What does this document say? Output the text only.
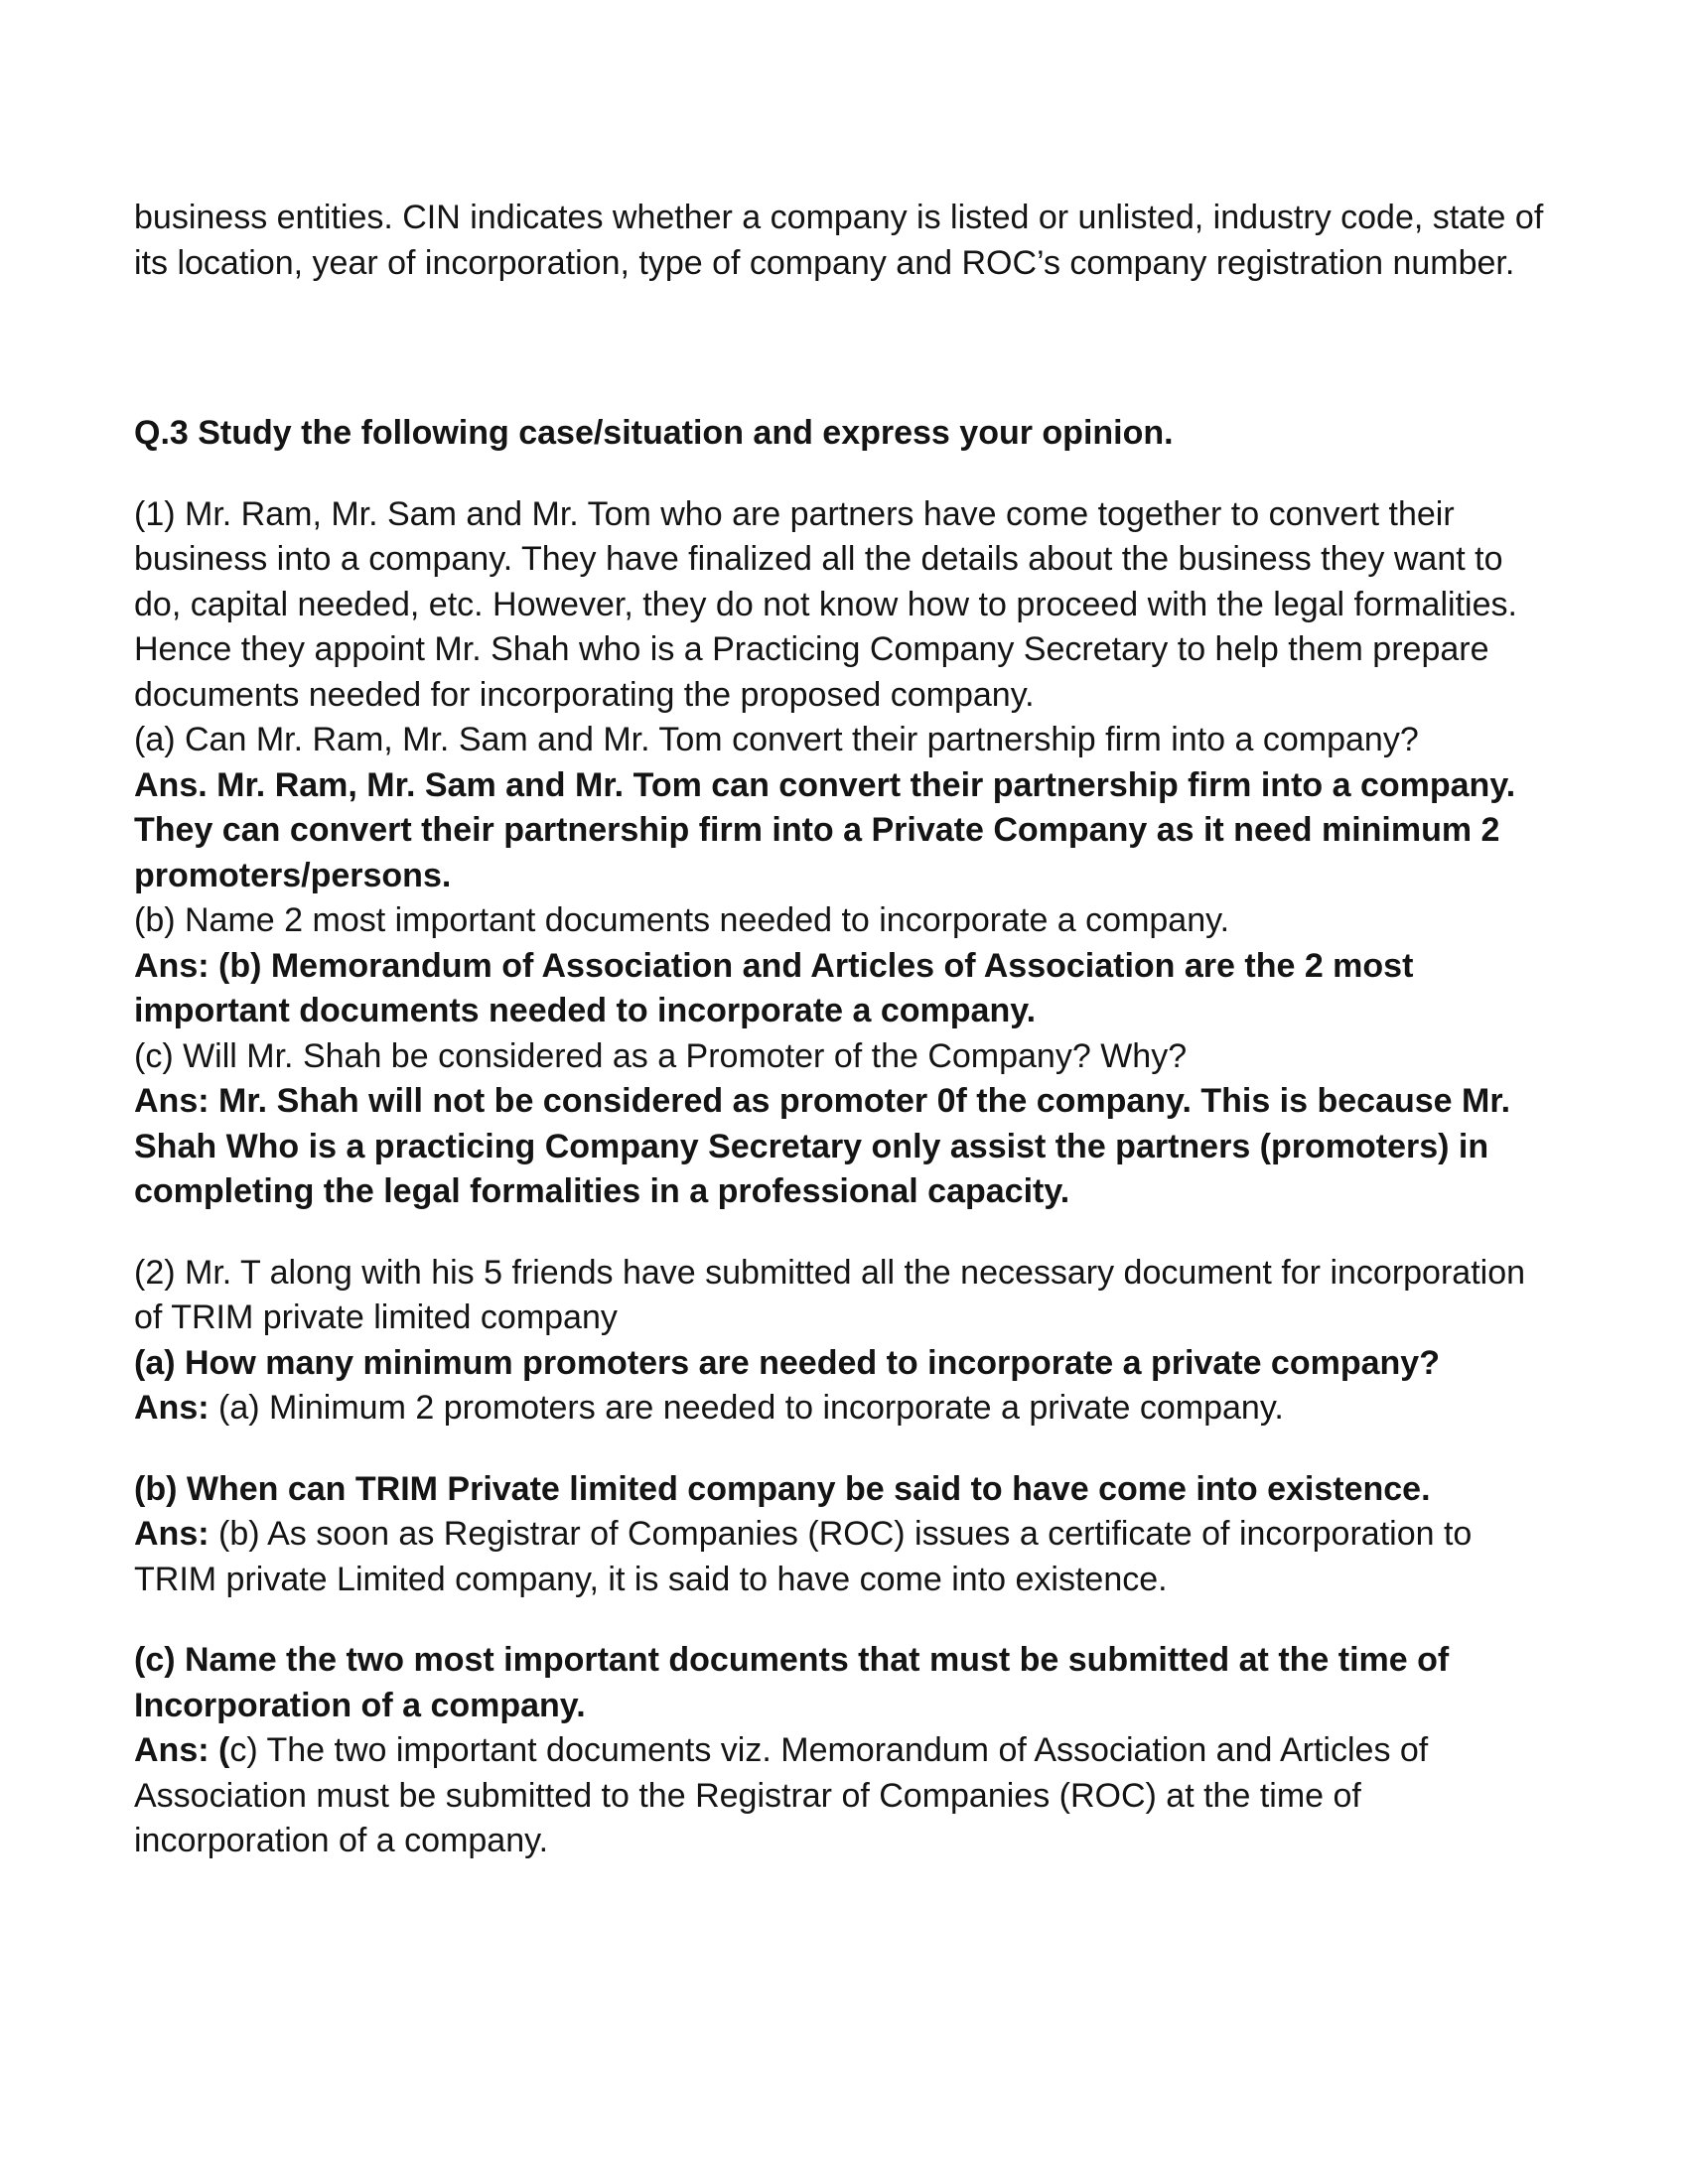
business entities. CIN indicates whether a company is listed or unlisted, industry code, state of its location, year of incorporation, type of company and ROC’s company registration number.

Q.3 Study the following case/situation and express your opinion.

(1) Mr. Ram, Mr. Sam and Mr. Tom who are partners have come together to convert their business into a company. They have finalized all the details about the business they want to do, capital needed, etc. However, they do not know how to proceed with the legal formalities. Hence they appoint Mr. Shah who is a Practicing Company Secretary to help them prepare documents needed for incorporating the proposed company.

(a) Can Mr. Ram, Mr. Sam and Mr. Tom convert their partnership firm into a company?

Ans. Mr. Ram, Mr. Sam and Mr. Tom can convert their partnership firm into a company. They can convert their partnership firm into a Private Company as it need minimum 2 promoters/persons.

(b) Name 2 most important documents needed to incorporate a company.

Ans: (b) Memorandum of Association and Articles of Association are the 2 most important documents needed to incorporate a company.

(c) Will Mr. Shah be considered as a Promoter of the Company? Why?

Ans: Mr. Shah will not be considered as promoter 0f the company. This is because Mr. Shah Who is a practicing Company Secretary only assist the partners (promoters) in completing the legal formalities in a professional capacity.

(2) Mr. T along with his 5 friends have submitted all the necessary document for incorporation of TRIM private limited company

(a) How many minimum promoters are needed to incorporate a private company?

Ans: (a) Minimum 2 promoters are needed to incorporate a private company.

(b) When can TRIM Private limited company be said to have come into existence.

Ans: (b) As soon as Registrar of Companies (ROC) issues a certificate of incorporation to TRIM private Limited company, it is said to have come into existence.

(c) Name the two most important documents that must be submitted at the time of Incorporation of a company.

Ans: (c) The two important documents viz. Memorandum of Association and Articles of Association must be submitted to the Registrar of Companies (ROC) at the time of incorporation of a company.
